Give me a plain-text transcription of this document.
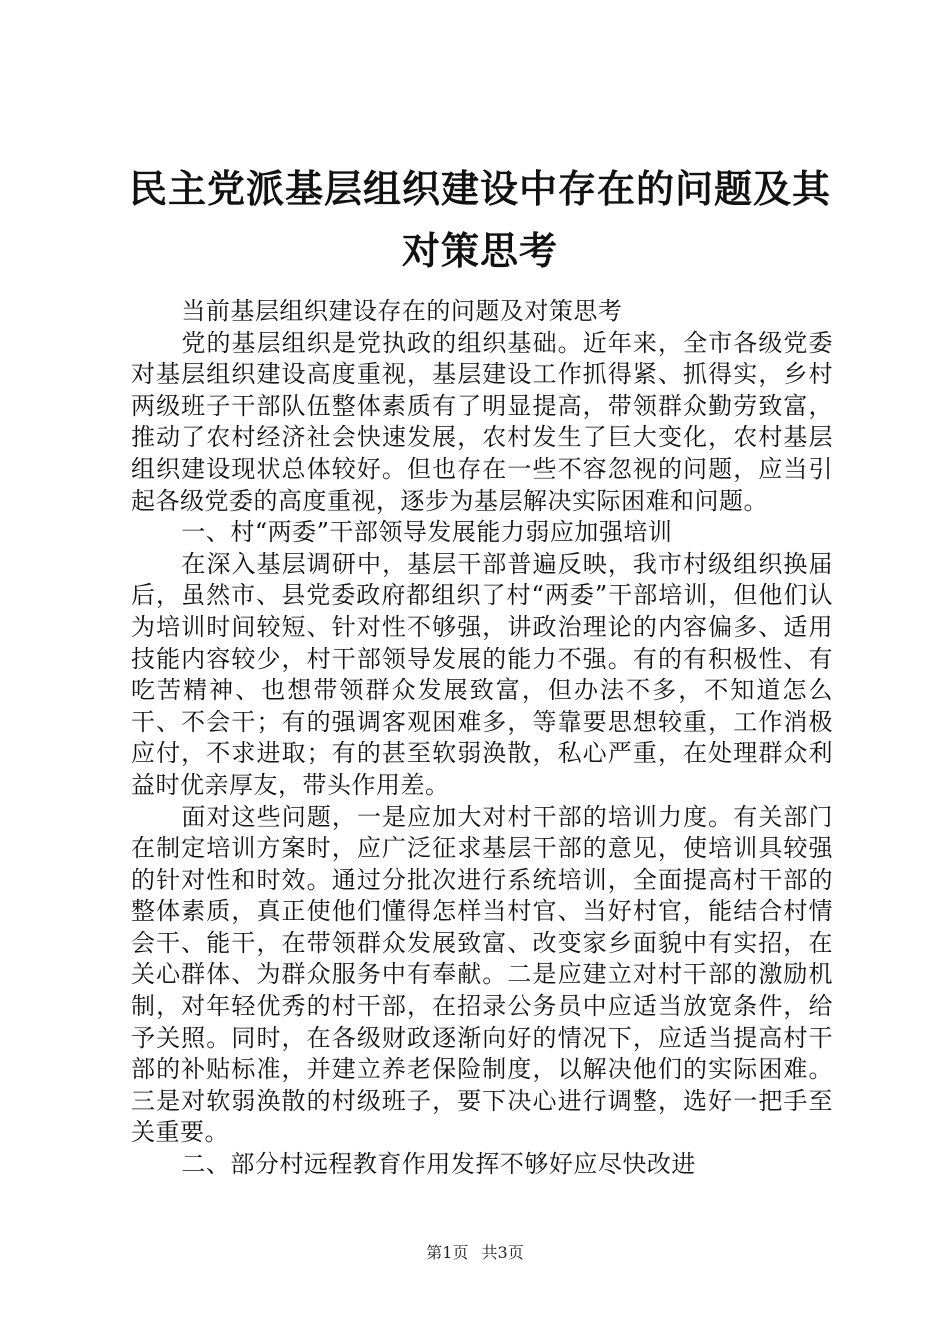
民主党派基层组织建设中存在的问题及其对策思考

当前基层组织建设存在的问题及对策思考

党的基层组织是党执政的组织基础。近年来，全市各级党委对基层组织建设高度重视，基层建设工作抓得紧、抓得实，乡村两级班子干部队伍整体素质有了明显提高，带领群众勤劳致富，推动了农村经济社会快速发展，农村发生了巨大变化，农村基层组织建设现状总体较好。但也存在一些不容忽视的问题，应当引起各级党委的高度重视，逐步为基层解决实际困难和问题。

一、村“两委”干部领导发展能力弱应加强培训

在深入基层调研中，基层干部普遍反映，我市村级组织换届后，虽然市、县党委政府都组织了村“两委”干部培训，但他们认为培训时间较短、针对性不够强，讲政治理论的内容偏多、适用技能内容较少，村干部领导发展的能力不强。有的有积极性、有吃苦精神、也想带领群众发展致富，但办法不多，不知道怎么干、不会干；有的强调客观困难多，等靠要思想较重，工作消极应付，不求进取；有的甚至软弱涣散，私心严重，在处理群众利益时优亲厚友，带头作用差。

面对这些问题，一是应加大对村干部的培训力度。有关部门在制定培训方案时，应广泛征求基层干部的意见，使培训具较强的针对性和时效。通过分批次进行系统培训，全面提高村干部的整体素质，真正使他们懂得怎样当村官、当好村官，能结合村情会干、能干，在带领群众发展致富、改变家乡面貌中有实招，在关心群体、为群众服务中有奉献。二是应建立对村干部的激励机制，对年轻优秀的村干部，在招录公务员中应适当放宽条件，给予关照。同时，在各级财政逐渐向好的情况下，应适当提高村干部的补贴标准，并建立养老保险制度，以解决他们的实际困难。三是对软弱涣散的村级班子，要下决心进行调整，选好一把手至关重要。

二、部分村远程教育作用发挥不够好应尽快改进

第1页 共3页
